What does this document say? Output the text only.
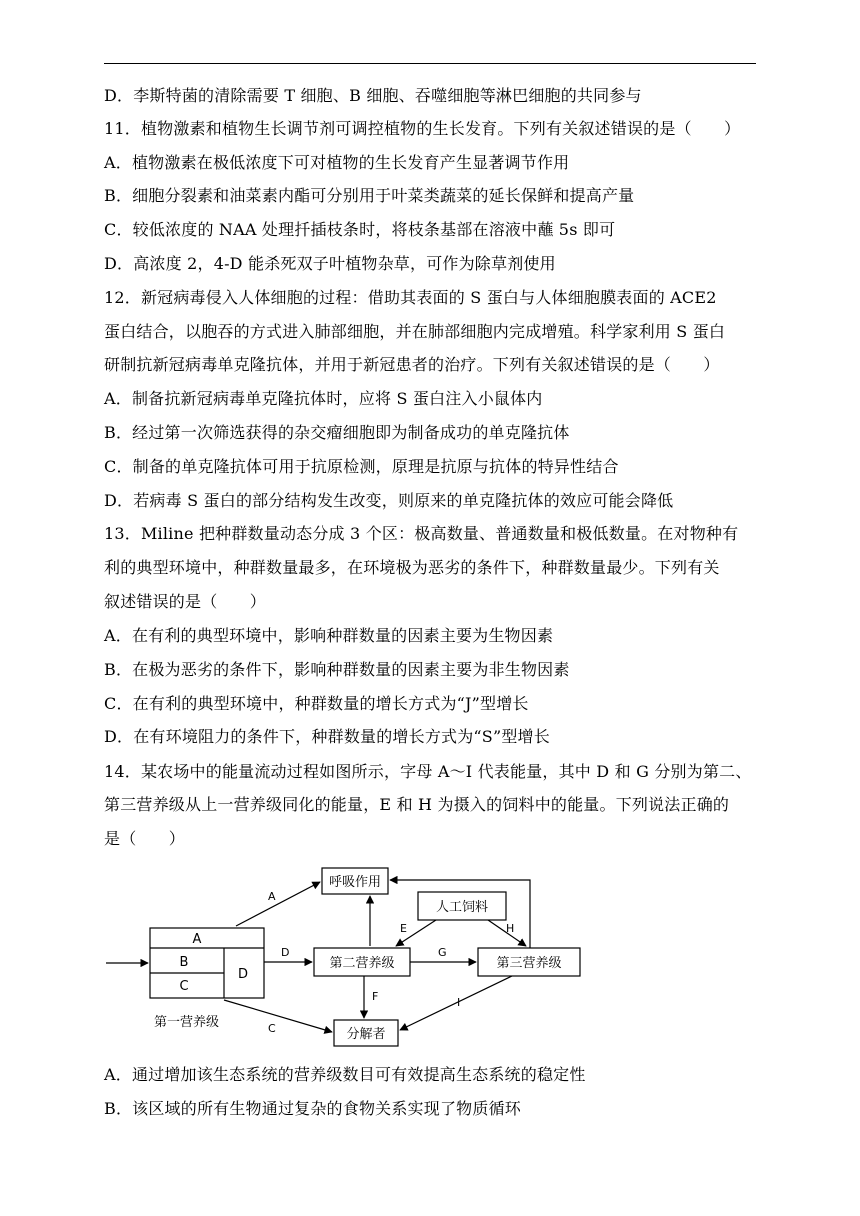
D．李斯特菌的清除需要 T 细胞、B 细胞、吞噬细胞等淋巴细胞的共同参与
11．植物激素和植物生长调节剂可调控植物的生长发育。下列有关叙述错误的是（　　）
A．植物激素在极低浓度下可对植物的生长发育产生显著调节作用
B．细胞分裂素和油菜素内酯可分别用于叶菜类蔬菜的延长保鲜和提高产量
C．较低浓度的 NAA 处理扦插枝条时，将枝条基部在溶液中蘸 5s 即可
D．高浓度 2，4-D 能杀死双子叶植物杂草，可作为除草剂使用
12．新冠病毒侵入人体细胞的过程：借助其表面的 S 蛋白与人体细胞膜表面的 ACE2
蛋白结合，以胞吞的方式进入肺部细胞，并在肺部细胞内完成增殖。科学家利用 S 蛋白
研制抗新冠病毒单克隆抗体，并用于新冠患者的治疗。下列有关叙述错误的是（　　）
A．制备抗新冠病毒单克隆抗体时，应将 S 蛋白注入小鼠体内
B．经过第一次筛选获得的杂交瘤细胞即为制备成功的单克隆抗体
C．制备的单克隆抗体可用于抗原检测，原理是抗原与抗体的特异性结合
D．若病毒 S 蛋白的部分结构发生改变，则原来的单克隆抗体的效应可能会降低
13．Miline 把种群数量动态分成 3 个区：极高数量、普通数量和极低数量。在对物种有
利的典型环境中，种群数量最多，在环境极为恶劣的条件下，种群数量最少。下列有关
叙述错误的是（　　）
A．在有利的典型环境中，影响种群数量的因素主要为生物因素
B．在极为恶劣的条件下，影响种群数量的因素主要为非生物因素
C．在有利的典型环境中，种群数量的增长方式为“J”型增长
D．在有环境阻力的条件下，种群数量的增长方式为“S”型增长
14．某农场中的能量流动过程如图所示，字母 A～I 代表能量，其中 D 和 G 分别为第二、
第三营养级从上一营养级同化的能量，E 和 H 为摄入的饲料中的能量。下列说法正确的
是（　　）
呼吸作用
人工饲料
第二营养级	第三营养级
分解者
A
B
C
D
第一营养级
A
D
E	H
G
F
C
I
A．通过增加该生态系统的营养级数目可有效提高生态系统的稳定性
B．该区域的所有生物通过复杂的食物关系实现了物质循环
